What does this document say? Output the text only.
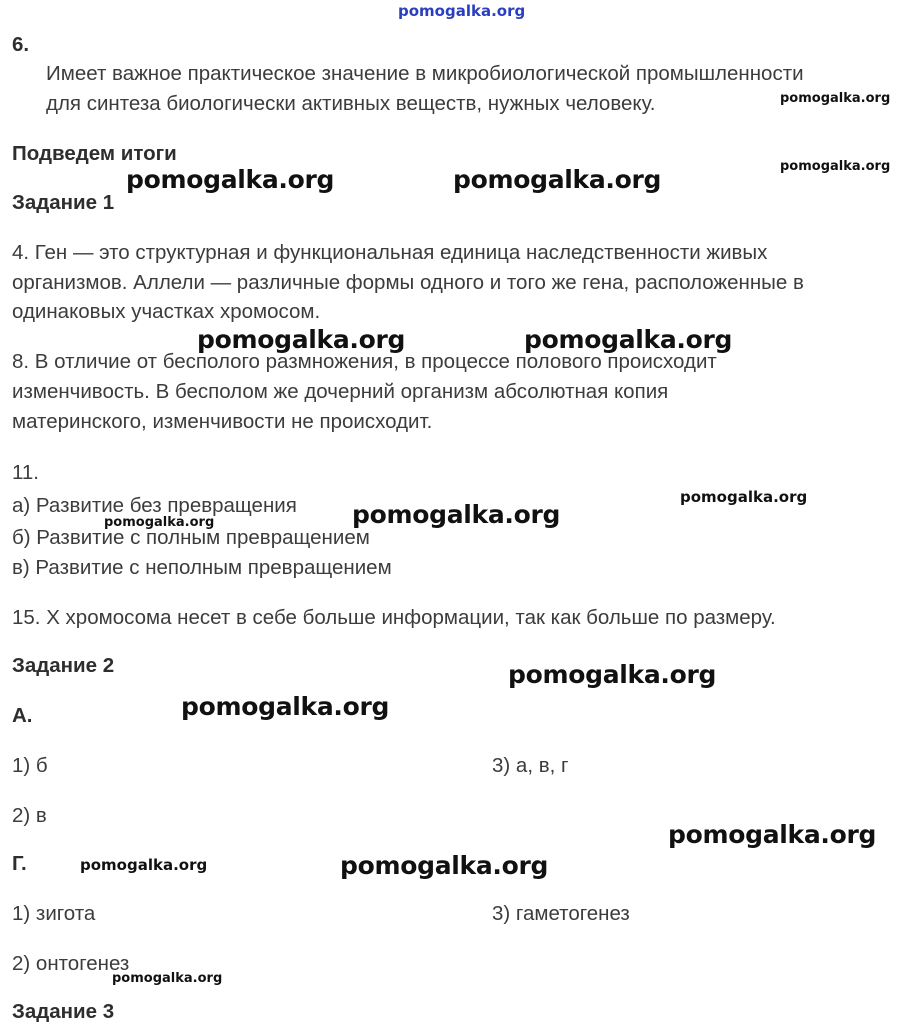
pomogalka.org
6.
Имеет важное практическое значение в микробиологической промышленности
для синтеза биологически активных веществ, нужных человеку.	pomogalka.org
Подведем итоги
pomogalka.org
pomogalka.org	pomogalka.org
Задание 1
4. Ген — это структурная и функциональная единица наследственности живых
организмов. Аллели — различные формы одного и того же гена, расположенные в
одинаковых участках хромосом.
pomogalka.org	pomogalka.org
8. В отличие от бесполого размножения, в процессе полового происходит
изменчивость. В бесполом же дочерний организм абсолютная копия
материнского, изменчивости не происходит.
11.
а) Развитие без превращения	pomogalka.org
pomogalka.org	pomogalka.org
б) Развитие с полным превращением
в) Развитие с неполным превращением
15. Х хромосома несет в себе больше информации, так как больше по размеру.
Задание 2	pomogalka.org
А.	pomogalka.org
1) б	3) а, в, г
2) в
pomogalka.org
Г.	pomogalka.org	pomogalka.org
1) зигота	3) гаметогенез
2) онтогенез
pomogalka.org
Задание 3
